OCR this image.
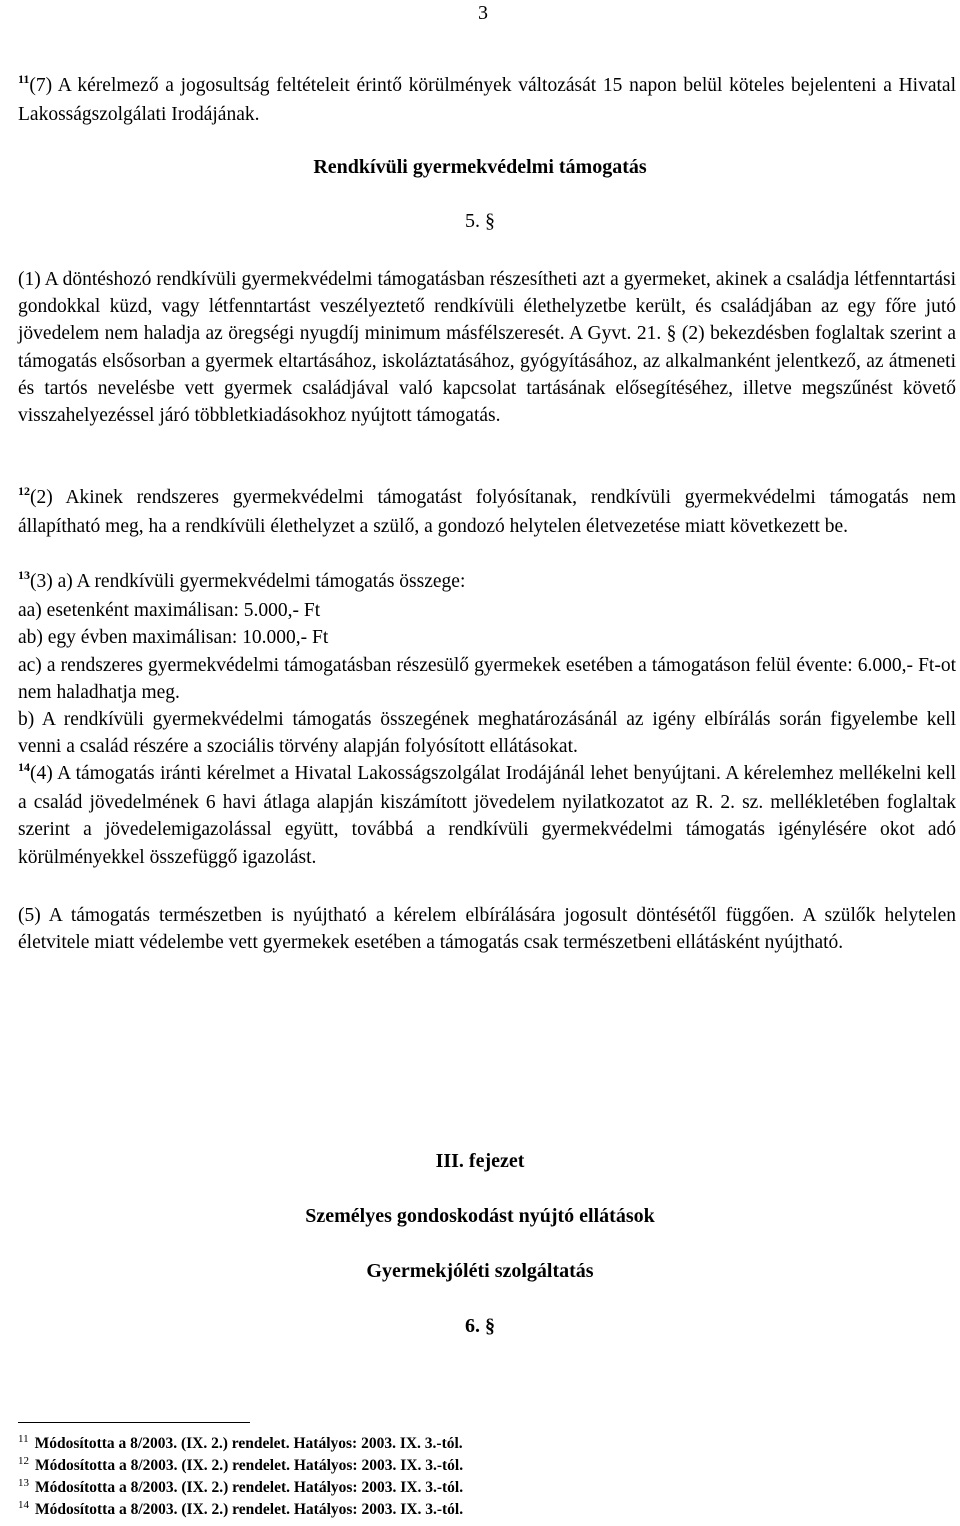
3

$^{11}$(7) A kérelmező a jogosultság feltételeit érintő körülmények változását 15 napon belül köteles bejelenteni a Hivatal Lakosságszolgálati Irodájának.

Rendkívüli gyermekvédelmi támogatás
5. §

(1) A döntéshozó rendkívüli gyermekvédelmi támogatásban részesítheti azt a gyermeket, akinek a családja létfenntartási gondokkal küzd, vagy létfenntartást veszélyeztető rendkívüli élethelyzetbe került, és családjában az egy főre jutó jövedelem nem haladja az öregségi nyugdíj minimum másfélszeresét. A Gyvt. 21. § (2) bekezdésben foglaltak szerint a támogatás elsősorban a gyermek eltartásához, iskoláztatásához, gyógyításához, az alkalmanként jelentkező, az átmeneti és tartós nevelésbe vett gyermek családjával való kapcsolat tartásának elősegítéséhez, illetve megszűnést követő visszahelyezéssel járó többletkiadásokhoz nyújtott támogatás.

$^{12}$(2) Akinek rendszeres gyermekvédelmi támogatást folyósítanak, rendkívüli gyermekvédelmi támogatás nem állapítható meg, ha a rendkívüli élethelyzet a szülő, a gondozó helytelen életvezetése miatt következett be.

$^{13}$(3) a) A rendkívüli gyermekvédelmi támogatás összege:
aa) esetenként maximálisan: 5.000,- Ft
ab) egy évben maximálisan: 10.000,- Ft
ac) a rendszeres gyermekvédelmi támogatásban részesülő gyermekek esetében a támogatáson felül évente: 6.000,- Ft-ot nem haladhatja meg.
b) A rendkívüli gyermekvédelmi támogatás összegének meghatározásánál az igény elbírálás során figyelembe kell venni a család részére a szociális törvény alapján folyósított ellátásokat.

$^{14}$(4) A támogatás iránti kérelmet a Hivatal Lakosságszolgálat Irodájánál lehet benyújtani. A kérelemhez mellékelni kell a család jövedelmének 6 havi átlaga alapján kiszámított jövedelem nyilatkozatot az R. 2. sz. mellékletében foglaltak szerint a jövedelemigazolással együtt, továbbá a rendkívüli gyermekvédelmi támogatás igénylésére okot adó körülményekkel összefüggő igazolást.

(5) A támogatás természetben is nyújtható a kérelem elbírálására jogosult döntésétől függően. A szülők helytelen életvitele miatt védelembe vett gyermekek esetében a támogatás csak természetbeni ellátásként nyújtható.

III. fejezet
Személyes gondoskodást nyújtó ellátások
Gyermekjóléti szolgáltatás
6. §
$^{11}$ Módosította a 8/2003. (IX. 2.) rendelet. Hatályos: 2003. IX. 3.-tól.
$^{12}$ Módosította a 8/2003. (IX. 2.) rendelet. Hatályos: 2003. IX. 3.-tól.
$^{13}$ Módosította a 8/2003. (IX. 2.) rendelet. Hatályos: 2003. IX. 3.-tól.
$^{14}$ Módosította a 8/2003. (IX. 2.) rendelet. Hatályos: 2003. IX. 3.-tól.
